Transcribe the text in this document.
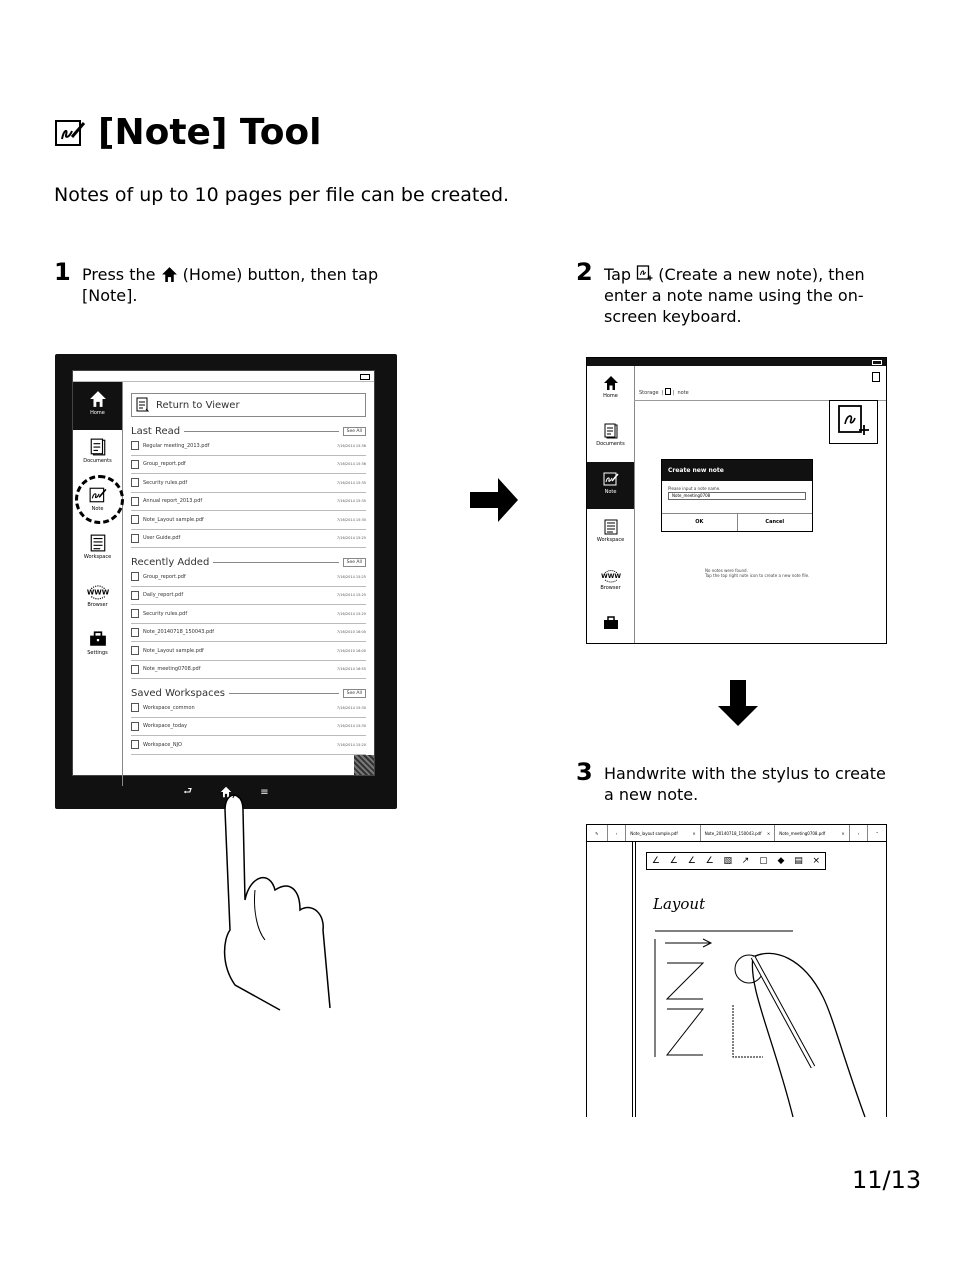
[Note] Tool
Notes of up to 10 pages per file can be created.
1 Press the (Home) button, then tap
[Note].
2 Tap (Create a new note), then
enter a note name using the on-
screen keyboard.
3 Handwrite with the stylus to create
a new note.
Home
Documents
Note
Workspace
WWW
Browser
Settings
Return to Viewer
Last Read	See All
Regular meeting_2013.pdf	7/16/2014 15:36
Group_report.pdf	7/16/2014 15:36
Security rules.pdf	7/16/2014 15:35
Annual report_2013.pdf	7/16/2014 15:35
Note_Layout sample.pdf	7/16/2014 15:30
User Guide.pdf	7/16/2014 15:25
Recently Added	See All
Group_report.pdf	7/16/2014 15:25
Daily_report.pdf	7/16/2014 15:25
Security rules.pdf	7/16/2014 15:25
Note_20140718_150043.pdf	7/16/2010 16:00
Note_Layout sample.pdf	7/16/2010 16:00
Note_meeting0708.pdf	7/16/2014 16:55
Saved Workspaces	See All
Workspace_common	7/16/2014 15:30
Workspace_today	7/16/2014 15:30
Workspace_NJO	7/16/2014 15:20
⮐	≡
Home
Documents
Note
Workspace
WWW
Browser
Storage  |  |  note
Create new note
Please input a note name.
Note_meeting0708
OK	Cancel
No notes were found.
Tap the top right note icon to create a new note file.
✎	‹	Note_layout sample.pdf	× Note_20140718_150043.pdf × Note_meeting0708.pdf	×	›	⌃
∠ ∠ ∠ ∠ ▧ ↗ ▢ ◆ ▤ ×
Layout
11/13
